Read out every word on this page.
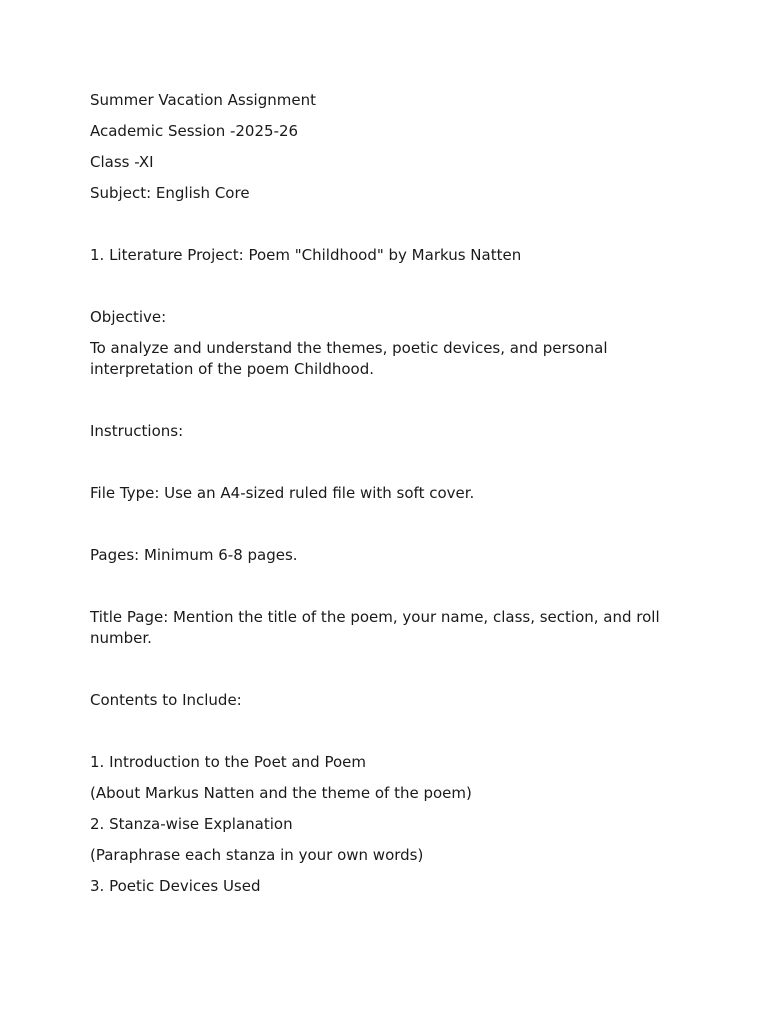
Summer Vacation Assignment

Academic Session -2025-26

Class -XI

Subject: English Core

1. Literature Project: Poem "Childhood" by Markus Natten

Objective:

To analyze and understand the themes, poetic devices, and personal interpretation of the poem Childhood.

Instructions:

File Type: Use an A4-sized ruled file with soft cover.

Pages: Minimum 6-8 pages.

Title Page: Mention the title of the poem, your name, class, section, and roll number.

Contents to Include:

1. Introduction to the Poet and Poem

(About Markus Natten and the theme of the poem)

2. Stanza-wise Explanation

(Paraphrase each stanza in your own words)

3. Poetic Devices Used
